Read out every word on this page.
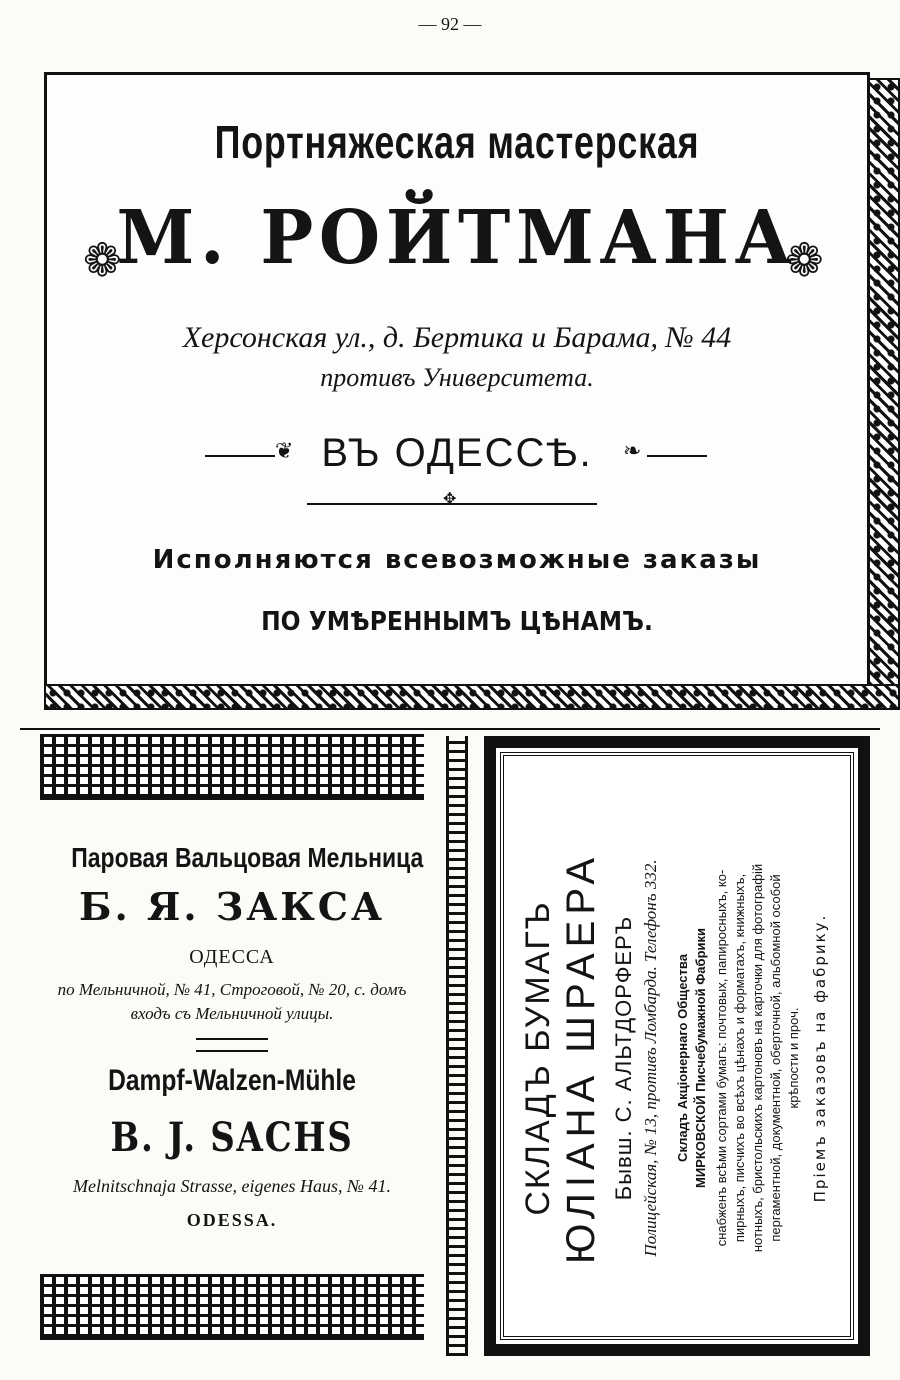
— 92 —
Портняжеская мастерская
❁
М. РОЙТМАНА
❁
Херсонская ул., д. Бертика и Барама, № 44
противъ Университета.
❦ ВЪ ОДЕССѢ.	❧
✥
Исполняются всевозможные заказы
ПО УМѢРЕННЫМЪ ЦѢНАМЪ.
Паровая Вальцовая Мельница
Б. Я. ЗАКСА
ОДЕССА
по Мельничной, № 41, Строговой, № 20, с. домъ
входъ съ Мельничной улицы.
Dampf-Walzen-Mühle
B. J. SACHS
Melnitschnaja Strasse, eigenes Haus, № 41.
ODESSA.
СКЛАДЪ БУМАГЪ ЮЛІАНА ШРАЕРА Бывш. С. АЛЬТДОРФЕРЪ Полицейская, № 13, противъ Ломбарда. Телефонъ 332. Складъ Акціонернаго Общества МИРКОВСКОЙ Писчебумажной Фабрики снабженъ всѣми сортами бумагъ: почтовых, папиросныхъ, ко- пирныхъ, писчихъ во всѣхъ цѣнахъ и форматахъ, книжныхъ, нотныхъ, бристольскихъ картоновъ на карточки для фотографій пергаментной, документной, оберточной, альбомной особой крѣпости и проч. Пріемъ заказовъ на фабрику.
